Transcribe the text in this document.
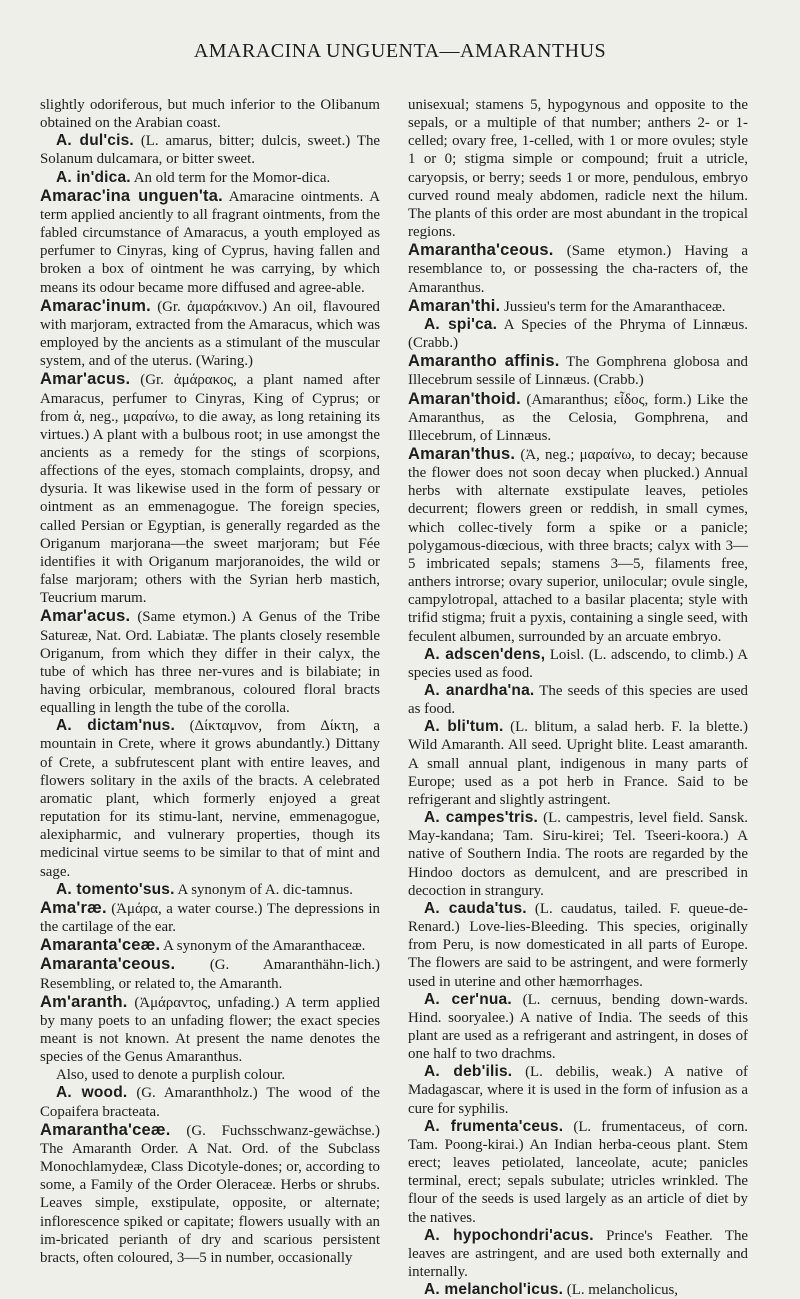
AMARACINA UNGUENTA—AMARANTHUS

slightly odoriferous, but much inferior to the Olibanum obtained on the Arabian coast.

A. dul'cis. (L. amarus, bitter; dulcis, sweet.) The Solanum dulcamara, or bitter sweet.

A. in'dica. An old term for the Momor-dica.

Amarac'ina unguen'ta. Amaracine ointments. A term applied anciently to all fragrant ointments, from the fabled circumstance of Amaracus, a youth employed as perfumer to Cinyras, king of Cyprus, having fallen and broken a box of ointment he was carrying, by which means its odour became more diffused and agree-able.

Amarac'inum. (Gr. ἀμαράκινον.) An oil, flavoured with marjoram, extracted from the Amaracus, which was employed by the ancients as a stimulant of the muscular system, and of the uterus. (Waring.)

Amar'acus. (Gr. ἀμάρακος, a plant named after Amaracus, perfumer to Cinyras, King of Cyprus; or from ἀ, neg., μαραίνω, to die away, as long retaining its virtues.) A plant with a bulbous root; in use amongst the ancients as a remedy for the stings of scorpions, affections of the eyes, stomach complaints, dropsy, and dysuria. It was likewise used in the form of pessary or ointment as an emmenagogue. The foreign species, called Persian or Egyptian, is generally regarded as the Origanum marjorana—the sweet marjoram; but Fée identifies it with Origanum marjoranoides, the wild or false marjoram; others with the Syrian herb mastich, Teucrium marum.

Amar'acus. (Same etymon.) A Genus of the Tribe Satureæ, Nat. Ord. Labiatæ. The plants closely resemble Origanum, from which they differ in their calyx, the tube of which has three ner-vures and is bilabiate; in having orbicular, membranous, coloured floral bracts equalling in length the tube of the corolla.

A. dictam'nus. (Δίκταμνον, from Δίκτη, a mountain in Crete, where it grows abundantly.) Dittany of Crete, a subfrutescent plant with entire leaves, and flowers solitary in the axils of the bracts. A celebrated aromatic plant, which formerly enjoyed a great reputation for its stimu-lant, nervine, emmenagogue, alexipharmic, and vulnerary properties, though its medicinal virtue seems to be similar to that of mint and sage.

A. tomento'sus. A synonym of A. dic-tamnus.

Ama'ræ. (Ἀμάρα, a water course.) The depressions in the cartilage of the ear.

Amaranta'ceæ. A synonym of the Amaranthaceæ.

Amaranta'ceous. (G. Amaranthähn-lich.) Resembling, or related to, the Amaranth.

Am'aranth. (Ἀμάραντος, unfading.) A term applied by many poets to an unfading flower; the exact species meant is not known. At present the name denotes the species of the Genus Amaranthus.

Also, used to denote a purplish colour.

A. wood. (G. Amaranthholz.) The wood of the Copaifera bracteata.

Amarantha'ceæ. (G. Fuchsschwanz-gewächse.) The Amaranth Order. A Nat. Ord. of the Subclass Monochlamydeæ, Class Dicotyle-dones; or, according to some, a Family of the Order Oleraceæ. Herbs or shrubs. Leaves simple, exstipulate, opposite, or alternate; inflorescence spiked or capitate; flowers usually with an im-bricated perianth of dry and scarious persistent bracts, often coloured, 3—5 in number, occasionally

unisexual; stamens 5, hypogynous and opposite to the sepals, or a multiple of that number; anthers 2- or 1-celled; ovary free, 1-celled, with 1 or more ovules; style 1 or 0; stigma simple or compound; fruit a utricle, caryopsis, or berry; seeds 1 or more, pendulous, embryo curved round mealy abdomen, radicle next the hilum. The plants of this order are most abundant in the tropical regions.

Amarantha'ceous. (Same etymon.) Having a resemblance to, or possessing the cha-racters of, the Amaranthus.

Amaran'thi. Jussieu's term for the Amaranthaceæ.

A. spi'ca. A Species of the Phryma of Linnæus. (Crabb.)

Amarantho affinis. The Gomphrena globosa and Illecebrum sessile of Linnæus. (Crabb.)

Amaran'thoid. (Amaranthus; εἶδος, form.) Like the Amaranthus, as the Celosia, Gomphrena, and Illecebrum, of Linnæus.

Amaran'thus. (Ἀ, neg.; μαραίνω, to decay; because the flower does not soon decay when plucked.) Annual herbs with alternate exstipulate leaves, petioles decurrent; flowers green or reddish, in small cymes, which collec-tively form a spike or a panicle; polygamous-diœcious, with three bracts; calyx with 3—5 imbricated sepals; stamens 3—5, filaments free, anthers introrse; ovary superior, unilocular; ovule single, campylotropal, attached to a basilar placenta; style with trifid stigma; fruit a pyxis, containing a single seed, with feculent albumen, surrounded by an arcuate embryo.

A. adscen'dens, Loisl. (L. adscendo, to climb.) A species used as food.

A. anardha'na. The seeds of this species are used as food.

A. bli'tum. (L. blitum, a salad herb. F. la blette.) Wild Amaranth. All seed. Upright blite. Least amaranth. A small annual plant, indigenous in many parts of Europe; used as a pot herb in France. Said to be refrigerant and slightly astringent.

A. campes'tris. (L. campestris, level field. Sansk. May-kandana; Tam. Siru-kirei; Tel. Tseeri-koora.) A native of Southern India. The roots are regarded by the Hindoo doctors as demulcent, and are prescribed in decoction in strangury.

A. cauda'tus. (L. caudatus, tailed. F. queue-de-Renard.) Love-lies-Bleeding. This species, originally from Peru, is now domesticated in all parts of Europe. The flowers are said to be astringent, and were formerly used in uterine and other hæmorrhages.

A. cer'nua. (L. cernuus, bending down-wards. Hind. sooryalee.) A native of India. The seeds of this plant are used as a refrigerant and astringent, in doses of one half to two drachms.

A. deb'ilis. (L. debilis, weak.) A native of Madagascar, where it is used in the form of infusion as a cure for syphilis.

A. frumenta'ceus. (L. frumentaceus, of corn. Tam. Poong-kirai.) An Indian herba-ceous plant. Stem erect; leaves petiolated, lanceolate, acute; panicles terminal, erect; sepals subulate; utricles wrinkled. The flour of the seeds is used largely as an article of diet by the natives.

A. hypochondri'acus. Prince's Feather. The leaves are astringent, and are used both externally and internally.

A. melanchol'icus. (L. melancholicus,
